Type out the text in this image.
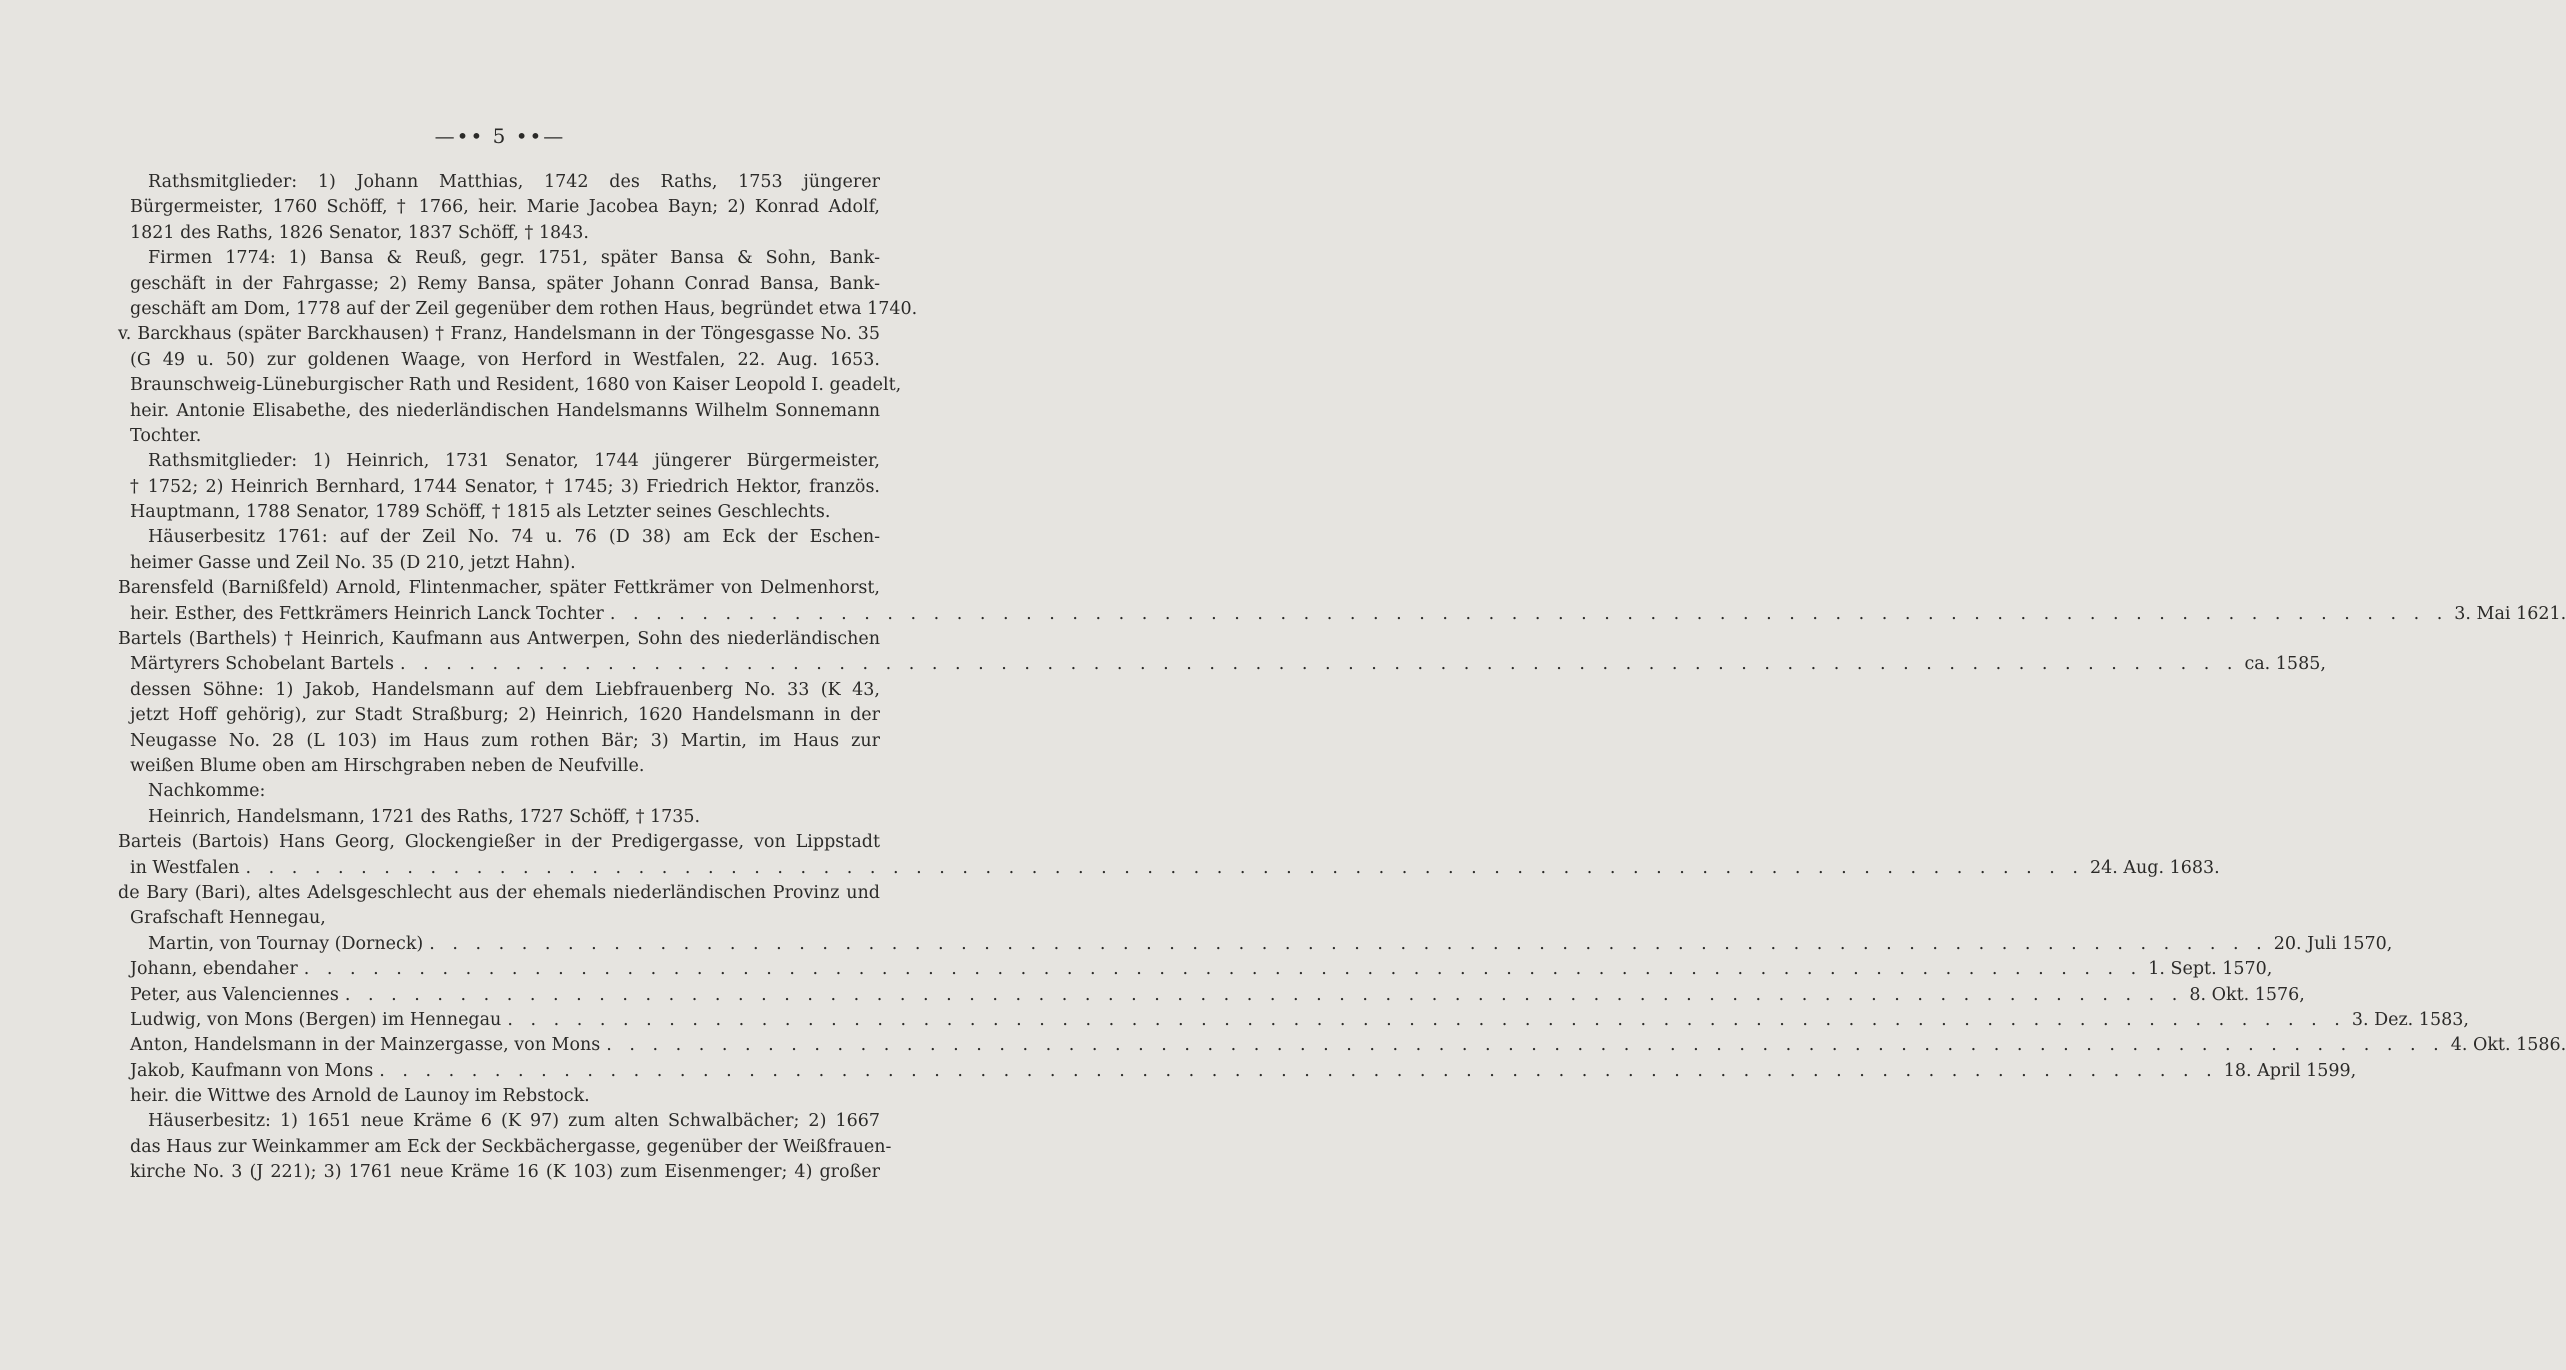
—•• 5 ••—
Rathsmitglieder: 1) Johann Matthias, 1742 des Raths, 1753 jüngerer
Bürgermeister, 1760 Schöff, † 1766, heir. Marie Jacobea Bayn; 2) Konrad Adolf,
1821 des Raths, 1826 Senator, 1837 Schöff, † 1843.
Firmen 1774: 1) Bansa & Reuß, gegr. 1751, später Bansa & Sohn, Bank-
geschäft in der Fahrgasse; 2) Remy Bansa, später Johann Conrad Bansa, Bank-
geschäft am Dom, 1778 auf der Zeil gegenüber dem rothen Haus, begründet etwa 1740.
v. Barckhaus (später Barckhausen) † Franz, Handelsmann in der Töngesgasse No. 35
(G 49 u. 50) zur goldenen Waage, von Herford in Westfalen, 22. Aug. 1653.
Braunschweig-Lüneburgischer Rath und Resident, 1680 von Kaiser Leopold I. geadelt,
heir. Antonie Elisabethe, des niederländischen Handelsmanns Wilhelm Sonnemann
Tochter.
Rathsmitglieder: 1) Heinrich, 1731 Senator, 1744 jüngerer Bürgermeister,
† 1752; 2) Heinrich Bernhard, 1744 Senator, † 1745; 3) Friedrich Hektor, französ.
Hauptmann, 1788 Senator, 1789 Schöff, † 1815 als Letzter seines Geschlechts.
Häuserbesitz 1761: auf der Zeil No. 74 u. 76 (D 38) am Eck der Eschen-
heimer Gasse und Zeil No. 35 (D 210, jetzt Hahn).
Barensfeld (Barnißfeld) Arnold, Flintenmacher, später Fettkrämer von Delmenhorst,
heir. Esther, des Fettkrämers Heinrich Lanck Tochter . . . . . . . . . . . . . . . . . . . . . . . . . . . . . . . . . . . . . . . . . . . . . . . . . . . . . . . . . . . . . . . . . . . . . . . . . . . . . . . . 3. Mai 1621.
Bartels (Barthels) † Heinrich, Kaufmann aus Antwerpen, Sohn des niederländischen
Märtyrers Schobelant Bartels . . . . . . . . . . . . . . . . . . . . . . . . . . . . . . . . . . . . . . . . . . . . . . . . . . . . . . . . . . . . . . . . . . . . . . . . . . . . . . . . ca. 1585,
dessen Söhne: 1) Jakob, Handelsmann auf dem Liebfrauenberg No. 33 (K 43,
jetzt Hoff gehörig), zur Stadt Straßburg; 2) Heinrich, 1620 Handelsmann in der
Neugasse No. 28 (L 103) im Haus zum rothen Bär; 3) Martin, im Haus zur
weißen Blume oben am Hirschgraben neben de Neufville.
Nachkomme:
Heinrich, Handelsmann, 1721 des Raths, 1727 Schöff, † 1735.
Barteis (Bartois) Hans Georg, Glockengießer in der Predigergasse, von Lippstadt
in Westfalen . . . . . . . . . . . . . . . . . . . . . . . . . . . . . . . . . . . . . . . . . . . . . . . . . . . . . . . . . . . . . . . . . . . . . . . . . . . . . . . . 24. Aug. 1683.
de Bary (Bari), altes Adelsgeschlecht aus der ehemals niederländischen Provinz und
Grafschaft Hennegau,
Martin, von Tournay (Dorneck) . . . . . . . . . . . . . . . . . . . . . . . . . . . . . . . . . . . . . . . . . . . . . . . . . . . . . . . . . . . . . . . . . . . . . . . . . . . . . . . . 20. Juli 1570,
Johann, ebendaher . . . . . . . . . . . . . . . . . . . . . . . . . . . . . . . . . . . . . . . . . . . . . . . . . . . . . . . . . . . . . . . . . . . . . . . . . . . . . . . . 1. Sept. 1570,
Peter, aus Valenciennes . . . . . . . . . . . . . . . . . . . . . . . . . . . . . . . . . . . . . . . . . . . . . . . . . . . . . . . . . . . . . . . . . . . . . . . . . . . . . . . . 8. Okt. 1576,
Ludwig, von Mons (Bergen) im Hennegau . . . . . . . . . . . . . . . . . . . . . . . . . . . . . . . . . . . . . . . . . . . . . . . . . . . . . . . . . . . . . . . . . . . . . . . . . . . . . . . . 3. Dez. 1583,
Anton, Handelsmann in der Mainzergasse, von Mons . . . . . . . . . . . . . . . . . . . . . . . . . . . . . . . . . . . . . . . . . . . . . . . . . . . . . . . . . . . . . . . . . . . . . . . . . . . . . . . . 4. Okt. 1586.
Jakob, Kaufmann von Mons . . . . . . . . . . . . . . . . . . . . . . . . . . . . . . . . . . . . . . . . . . . . . . . . . . . . . . . . . . . . . . . . . . . . . . . . . . . . . . . . 18. April 1599,
heir. die Wittwe des Arnold de Launoy im Rebstock.
Häuserbesitz: 1) 1651 neue Kräme 6 (K 97) zum alten Schwalbächer; 2) 1667
das Haus zur Weinkammer am Eck der Seckbächergasse, gegenüber der Weißfrauen-
kirche No. 3 (J 221); 3) 1761 neue Kräme 16 (K 103) zum Eisenmenger; 4) großer
